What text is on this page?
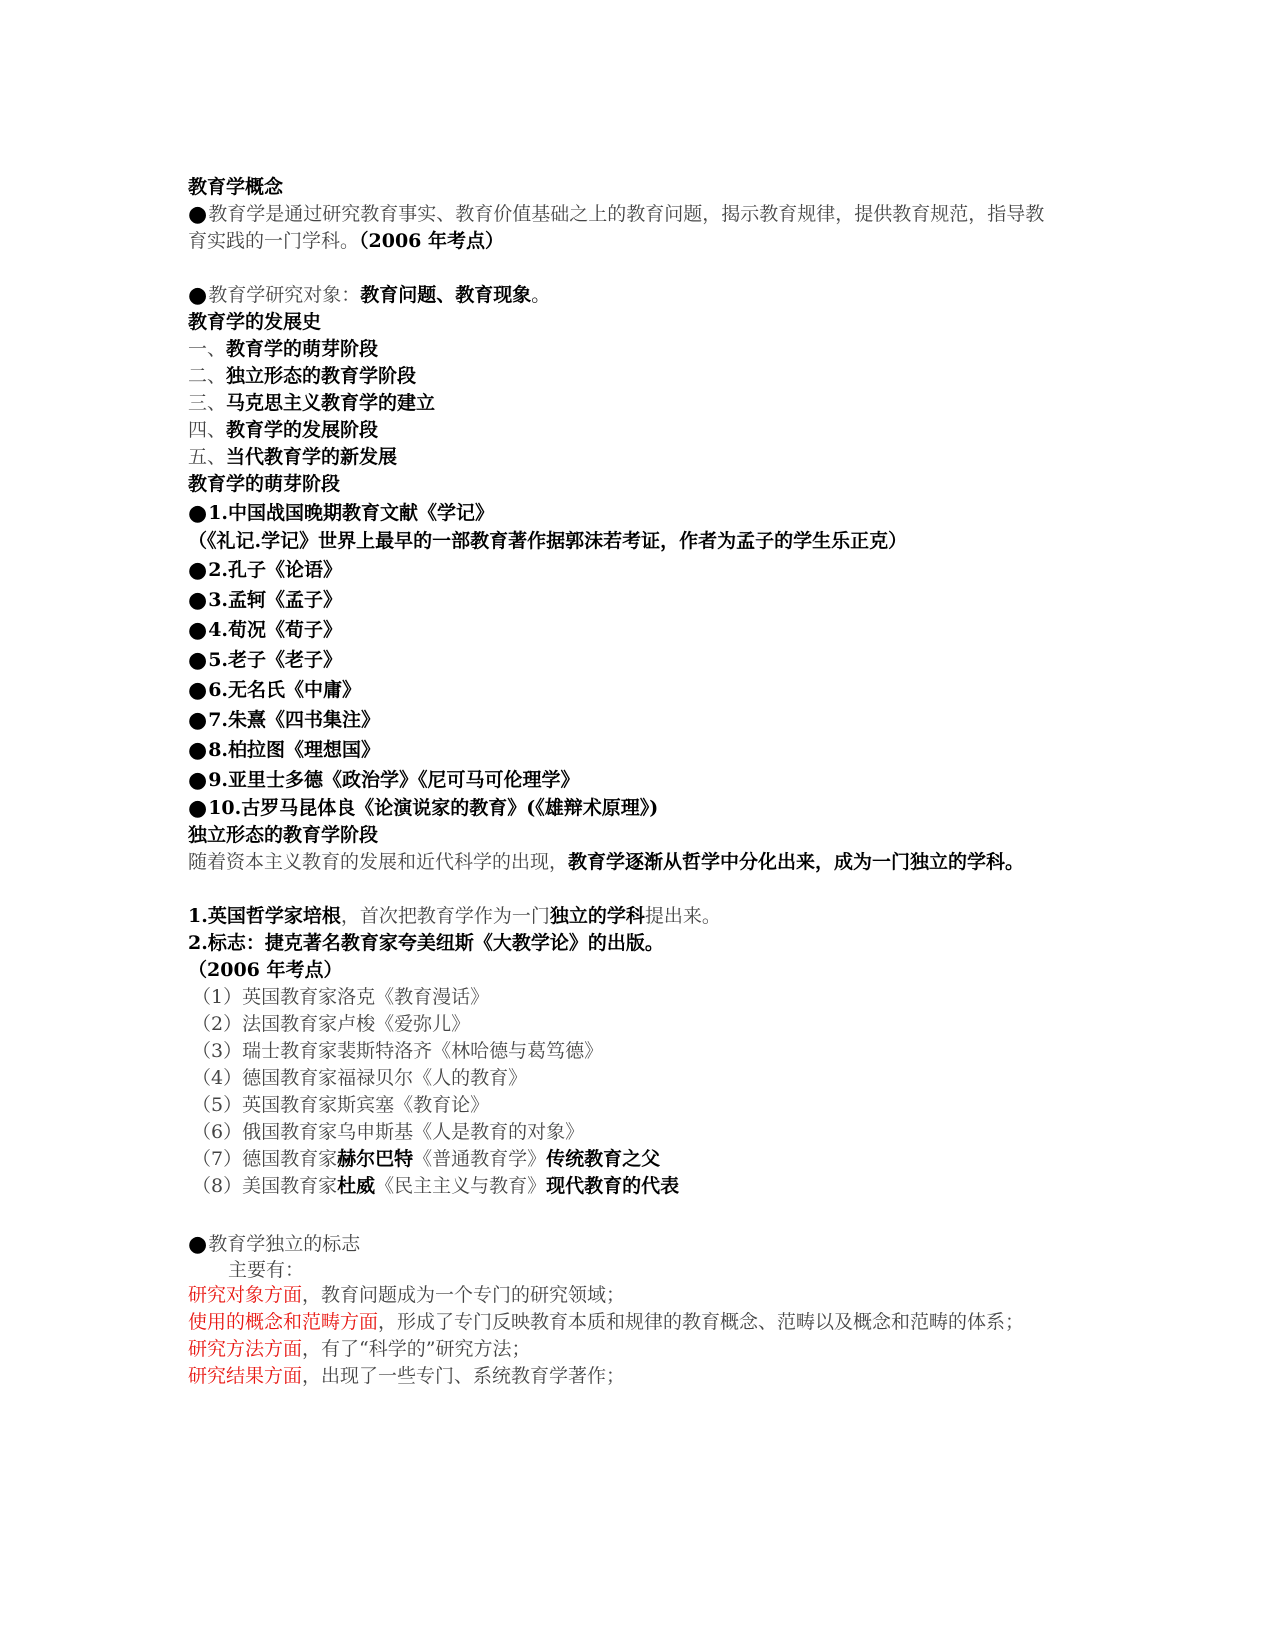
教育学概念
●教育学是通过研究教育事实、教育价值基础之上的教育问题，揭示教育规律，提供教育规范，指导教育实践的一门学科。（2006 年考点）
●教育学研究对象：教育问题、教育现象。
教育学的发展史
一、教育学的萌芽阶段
二、独立形态的教育学阶段
三、马克思主义教育学的建立
四、教育学的发展阶段
五、当代教育学的新发展
教育学的萌芽阶段
●1.中国战国晚期教育文献《学记》
（《礼记.学记》世界上最早的一部教育著作据郭沫若考证，作者为孟子的学生乐正克）
●2.孔子《论语》
●3.孟轲《孟子》
●4.荀况《荀子》
●5.老子《老子》
●6.无名氏《中庸》
●7.朱熹《四书集注》
●8.柏拉图《理想国》
●9.亚里士多德《政治学》《尼可马可伦理学》
●10.古罗马昆体良《论演说家的教育》(《雄辩术原理》)
独立形态的教育学阶段
随着资本主义教育的发展和近代科学的出现，教育学逐渐从哲学中分化出来，成为一门独立的学科。
1.英国哲学家培根，首次把教育学作为一门独立的学科提出来。
2.标志：捷克著名教育家夸美纽斯《大教学论》的出版。
（2006 年考点）
（1）英国教育家洛克《教育漫话》
（2）法国教育家卢梭《爱弥儿》
（3）瑞士教育家裴斯特洛齐《林哈德与葛笃德》
（4）德国教育家福禄贝尔《人的教育》
（5）英国教育家斯宾塞《教育论》
（6）俄国教育家乌申斯基《人是教育的对象》
（7）德国教育家赫尔巴特《普通教育学》传统教育之父
（8）美国教育家杜威《民主主义与教育》现代教育的代表
●教育学独立的标志
主要有：
研究对象方面，教育问题成为一个专门的研究领域；
使用的概念和范畴方面，形成了专门反映教育本质和规律的教育概念、范畴以及概念和范畴的体系；
研究方法方面，有了“科学的”研究方法；
研究结果方面，出现了一些专门、系统教育学著作；
